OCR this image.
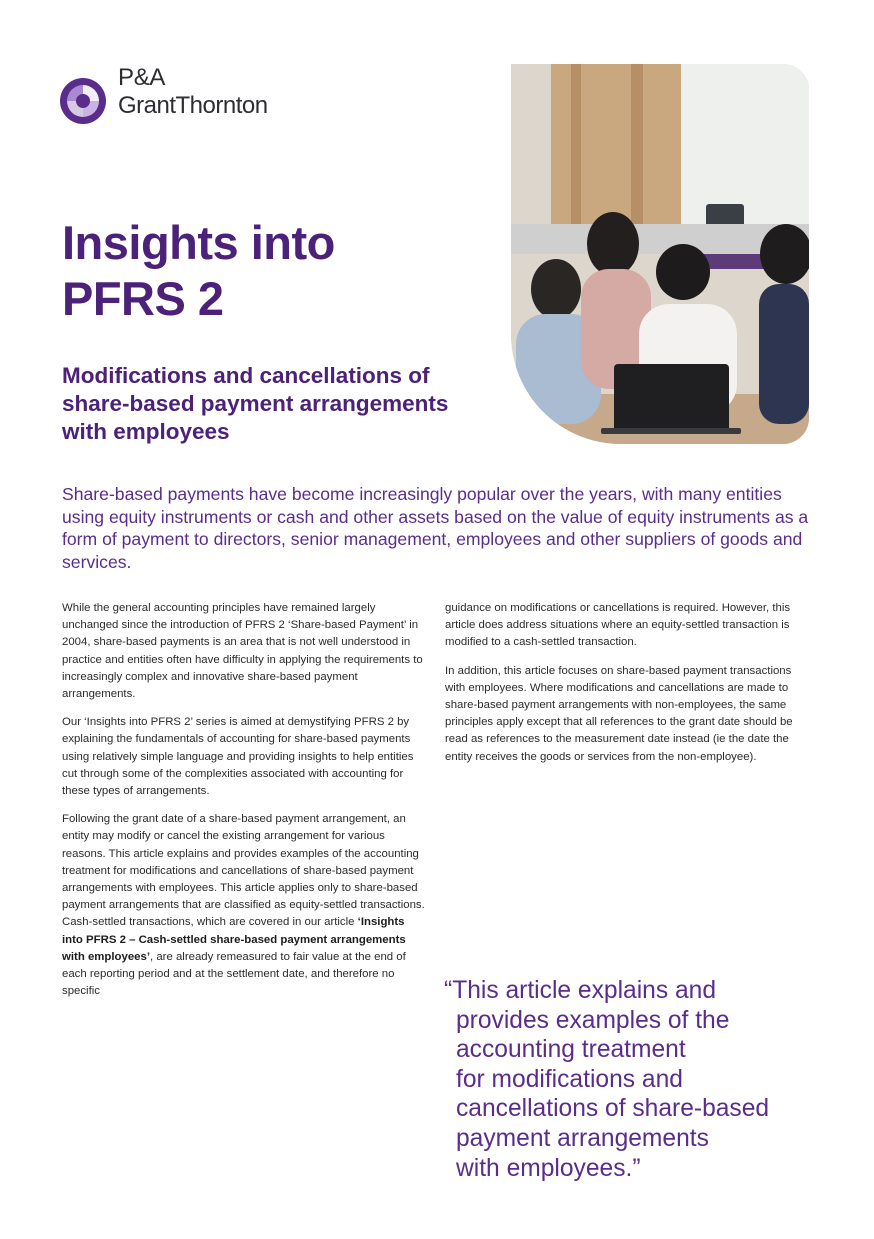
P&A
GrantThornton
Insights into
PFRS 2
Modifications and cancellations of
share-based payment arrangements
with employees

Share-based payments have become increasingly popular over the years, with many entities using equity instruments or cash and other assets based on the value of equity instruments as a form of payment to directors, senior management, employees and other suppliers of goods and services.

While the general accounting principles have remained largely unchanged since the introduction of PFRS 2 ‘Share-based Payment’ in 2004, share-based payments is an area that is not well understood in practice and entities often have difficulty in applying the requirements to increasingly complex and innovative share-based payment arrangements.

Our ‘Insights into PFRS 2’ series is aimed at demystifying PFRS 2 by explaining the fundamentals of accounting for share-based payments using relatively simple language and providing insights to help entities cut through some of the complexities associated with accounting for these types of arrangements.

Following the grant date of a share-based payment arrangement, an entity may modify or cancel the existing arrangement for various reasons. This article explains and provides examples of the accounting treatment for modifications and cancellations of share-based payment arrangements with employees. This article applies only to share-based payment arrangements that are classified as equity-settled transactions. Cash-settled transactions, which are covered in our article ‘Insights into PFRS 2 – Cash-settled share-based payment arrangements with employees’, are already remeasured to fair value at the end of each reporting period and at the settlement date, and therefore no specific

guidance on modifications or cancellations is required. However, this article does address situations where an equity-settled transaction is modified to a cash-settled transaction.

In addition, this article focuses on share-based payment transactions with employees. Where modifications and cancellations are made to share-based payment arrangements with non-employees, the same principles apply except that all references to the grant date should be read as references to the measurement date instead (ie the date the entity receives the goods or services from the non-employee).

“This article explains and
provides examples of the
accounting treatment
for modifications and
cancellations of share-based
payment arrangements
with employees.”
